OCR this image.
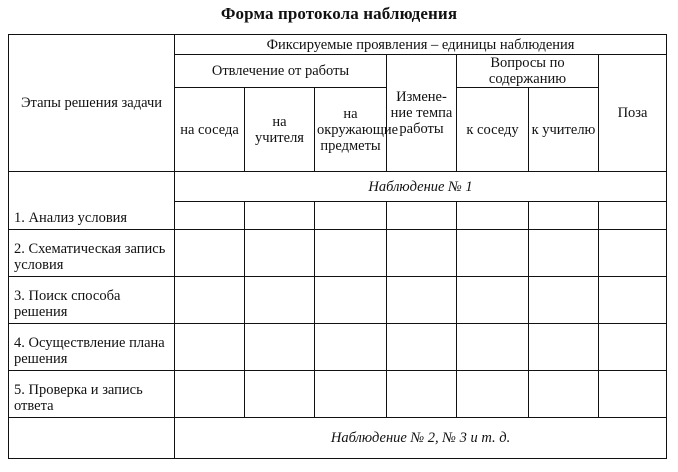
Форма протокола наблюдения
Этапы решения задачи	Фиксируемые проявления – единицы наблюдения						
	Отвлечение от работы			Изменение темпа работы	Вопросы по содержанию		Поза
	на соседа	на учителя	на окружающие предметы		к соседу	к учителю	
1. Анализ условия	Наблюдение № 1						

2. Схематическая запись условия							
3. Поиск способа решения							
4. Осуществление плана решения							
5. Проверка и запись ответа							
	Наблюдение № 2, № 3 и т. д.						
